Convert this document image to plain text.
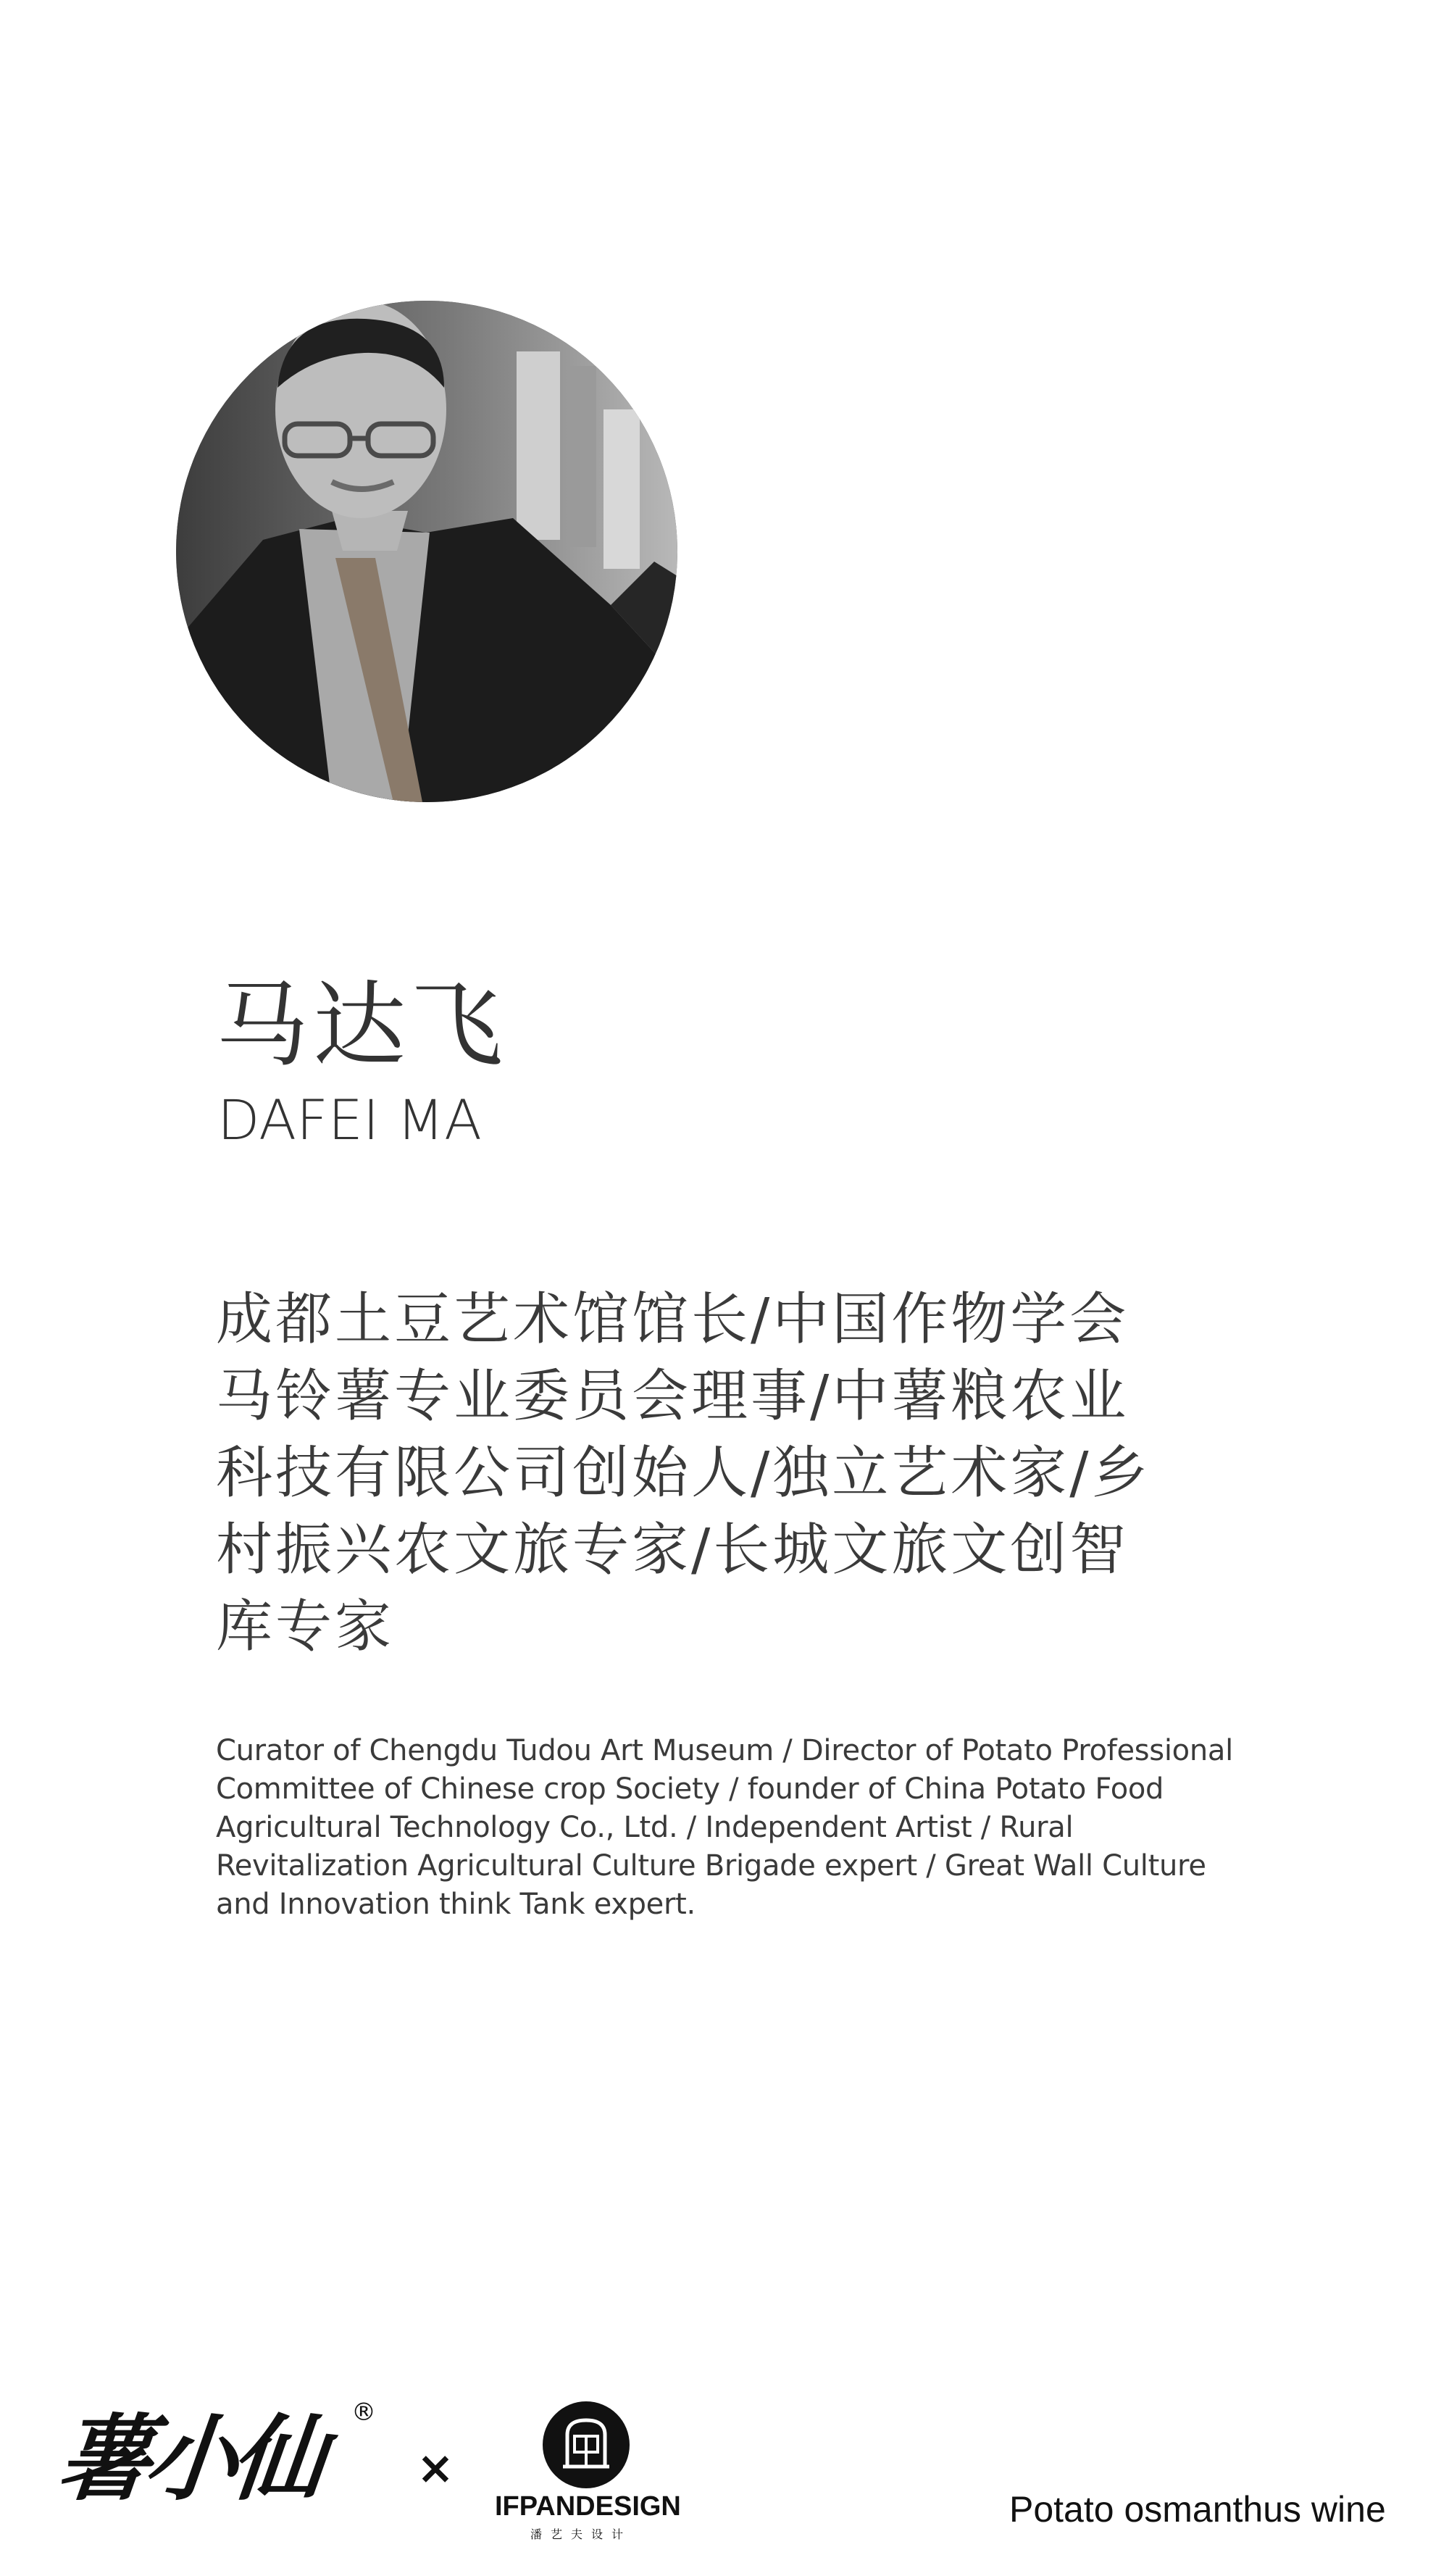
马达飞
DAFEI MA
成都土豆艺术馆馆长/中国作物学会
马铃薯专业委员会理事/中薯粮农业
科技有限公司创始人/独立艺术家/乡
村振兴农文旅专家/长城文旅文创智
库专家
Curator of Chengdu Tudou Art Museum / Director of Potato Professional
Committee of Chinese crop Society / founder of China Potato Food
Agricultural Technology Co., Ltd. / Independent Artist / Rural
Revitalization Agricultural Culture Brigade expert / Great Wall Culture
and Innovation think Tank expert.
薯小仙 ®
×
IFPANDESIGN
潘艺夫设计
Potato osmanthus wine
